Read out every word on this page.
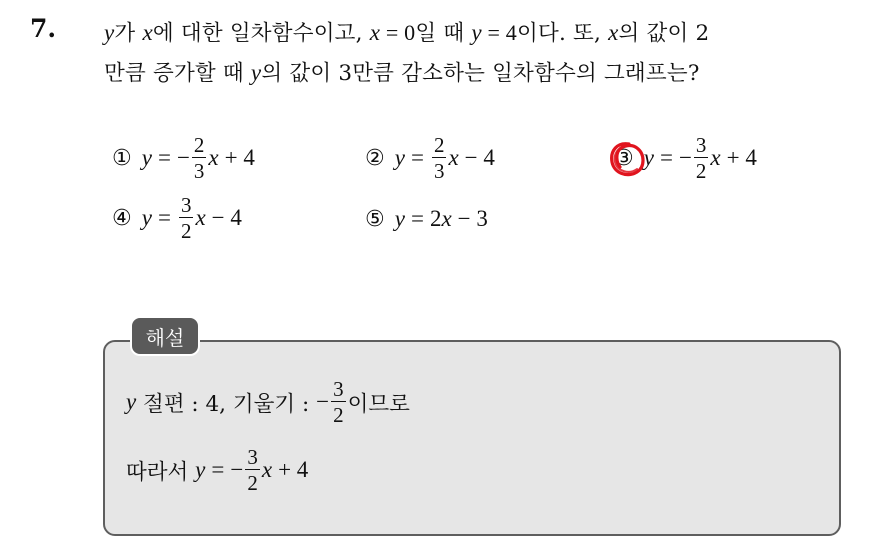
7. y가 x에 대한 일차함수이고, x = 0일 때 y = 4이다. 또, x의 값이 2
만큼 증가할 때 y의 값이 3만큼 감소하는 일차함수의 그래프는?
① y = − $\frac{2}{3}$ x + 4	② $y = \frac{2}{3}$ x − 4	③ y = − $\frac{3}{2}$ x + 4
④ $y = \frac{3}{2}$ x − 4	⑤ y = 2 x − 3
해설
y 절편 : 4, 기울기 : − $\frac{3}{2}$ 이므로
따라서 y = − $\frac{3}{2}$ x + 4
